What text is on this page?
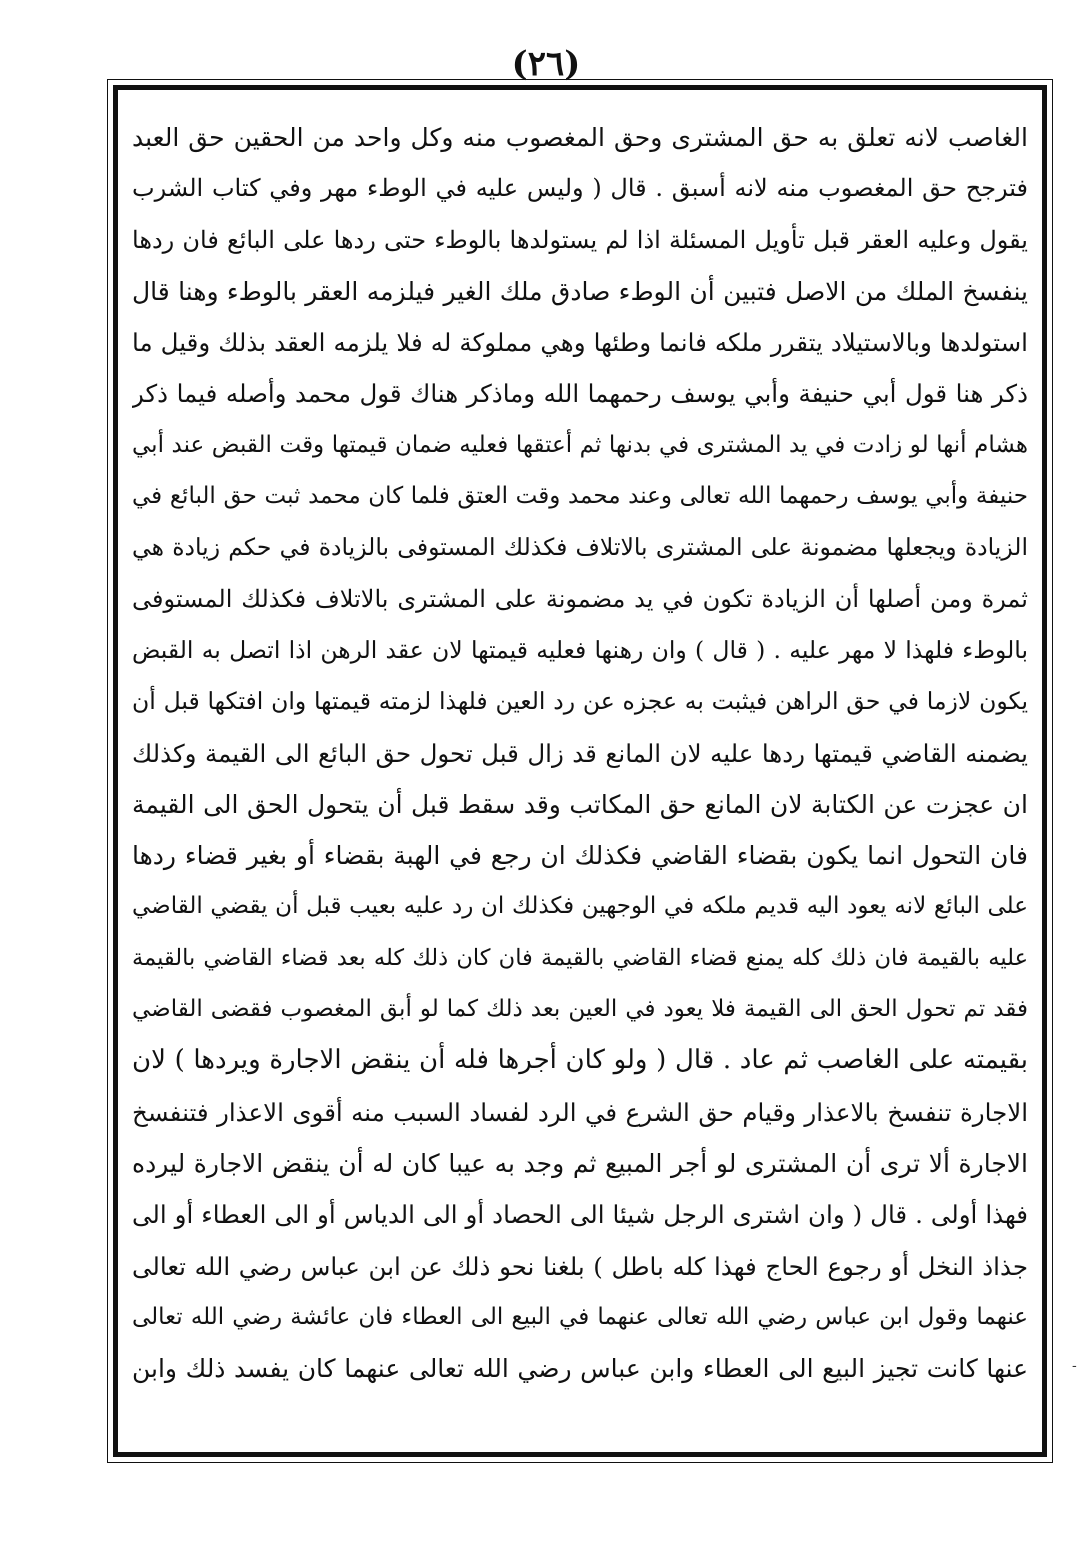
(٢٦)
الغاصب لانه تعلق به حق المشترى وحق المغصوب منه وكل واحد من الحقين حق العبد
فترجح حق المغصوب منه لانه أسبق . قال ( وليس عليه في الوطء مهر وفي كتاب الشرب
يقول وعليه العقر قبل تأويل المسئلة اذا لم يستولدها بالوطء حتى ردها على البائع فان ردها
ينفسخ الملك من الاصل فتبين أن الوطء صادق ملك الغير فيلزمه العقر بالوطء وهنا قال
استولدها وبالاستيلاد يتقرر ملكه فانما وطئها وهي مملوكة له فلا يلزمه العقد بذلك وقيل ما
ذكر هنا قول أبي حنيفة وأبي يوسف رحمهما الله وماذكر هناك قول محمد وأصله فيما ذكر
هشام أنها لو زادت في يد المشترى في بدنها ثم أعتقها فعليه ضمان قيمتها وقت القبض عند أبي
حنيفة وأبي يوسف رحمهما الله تعالى وعند محمد وقت العتق فلما كان محمد ثبت حق البائع في
الزيادة ويجعلها مضمونة على المشترى بالاتلاف فكذلك المستوفى بالزيادة في حكم زيادة هي
ثمرة ومن أصلها أن الزيادة تكون في يد مضمونة على المشترى بالاتلاف فكذلك المستوفى
بالوطء فلهذا لا مهر عليه . ( قال ) وان رهنها فعليه قيمتها لان عقد الرهن اذا اتصل به القبض
يكون لازما في حق الراهن فيثبت به عجزه عن رد العين فلهذا لزمته قيمتها وان افتكها قبل أن
يضمنه القاضي قيمتها ردها عليه لان المانع قد زال قبل تحول حق البائع الى القيمة وكذلك
ان عجزت عن الكتابة لان المانع حق المكاتب وقد سقط قبل أن يتحول الحق الى القيمة
فان التحول انما يكون بقضاء القاضي فكذلك ان رجع في الهبة بقضاء أو بغير قضاء ردها
على البائع لانه يعود اليه قديم ملكه في الوجهين فكذلك ان رد عليه بعيب قبل أن يقضي القاضي
عليه بالقيمة فان ذلك كله يمنع قضاء القاضي بالقيمة فان كان ذلك كله بعد قضاء القاضي بالقيمة
فقد تم تحول الحق الى القيمة فلا يعود في العين بعد ذلك كما لو أبق المغصوب فقضى القاضي
بقيمته على الغاصب ثم عاد . قال ( ولو كان أجرها فله أن ينقض الاجارة ويردها ) لان
الاجارة تنفسخ بالاعذار وقيام حق الشرع في الرد لفساد السبب منه أقوى الاعذار فتنفسخ
الاجارة ألا ترى أن المشترى لو أجر المبيع ثم وجد به عيبا كان له أن ينقض الاجارة ليرده
فهذا أولى . قال ( وان اشترى الرجل شيئا الى الحصاد أو الى الدياس أو الى العطاء أو الى
جذاذ النخل أو رجوع الحاج فهذا كله باطل ) بلغنا نحو ذلك عن ابن عباس رضي الله تعالى
عنهما وقول ابن عباس رضي الله تعالى عنهما في البيع الى العطاء فان عائشة رضي الله تعالى
عنها كانت تجيز البيع الى العطاء وابن عباس رضي الله تعالى عنهما كان يفسد ذلك وابن	-
